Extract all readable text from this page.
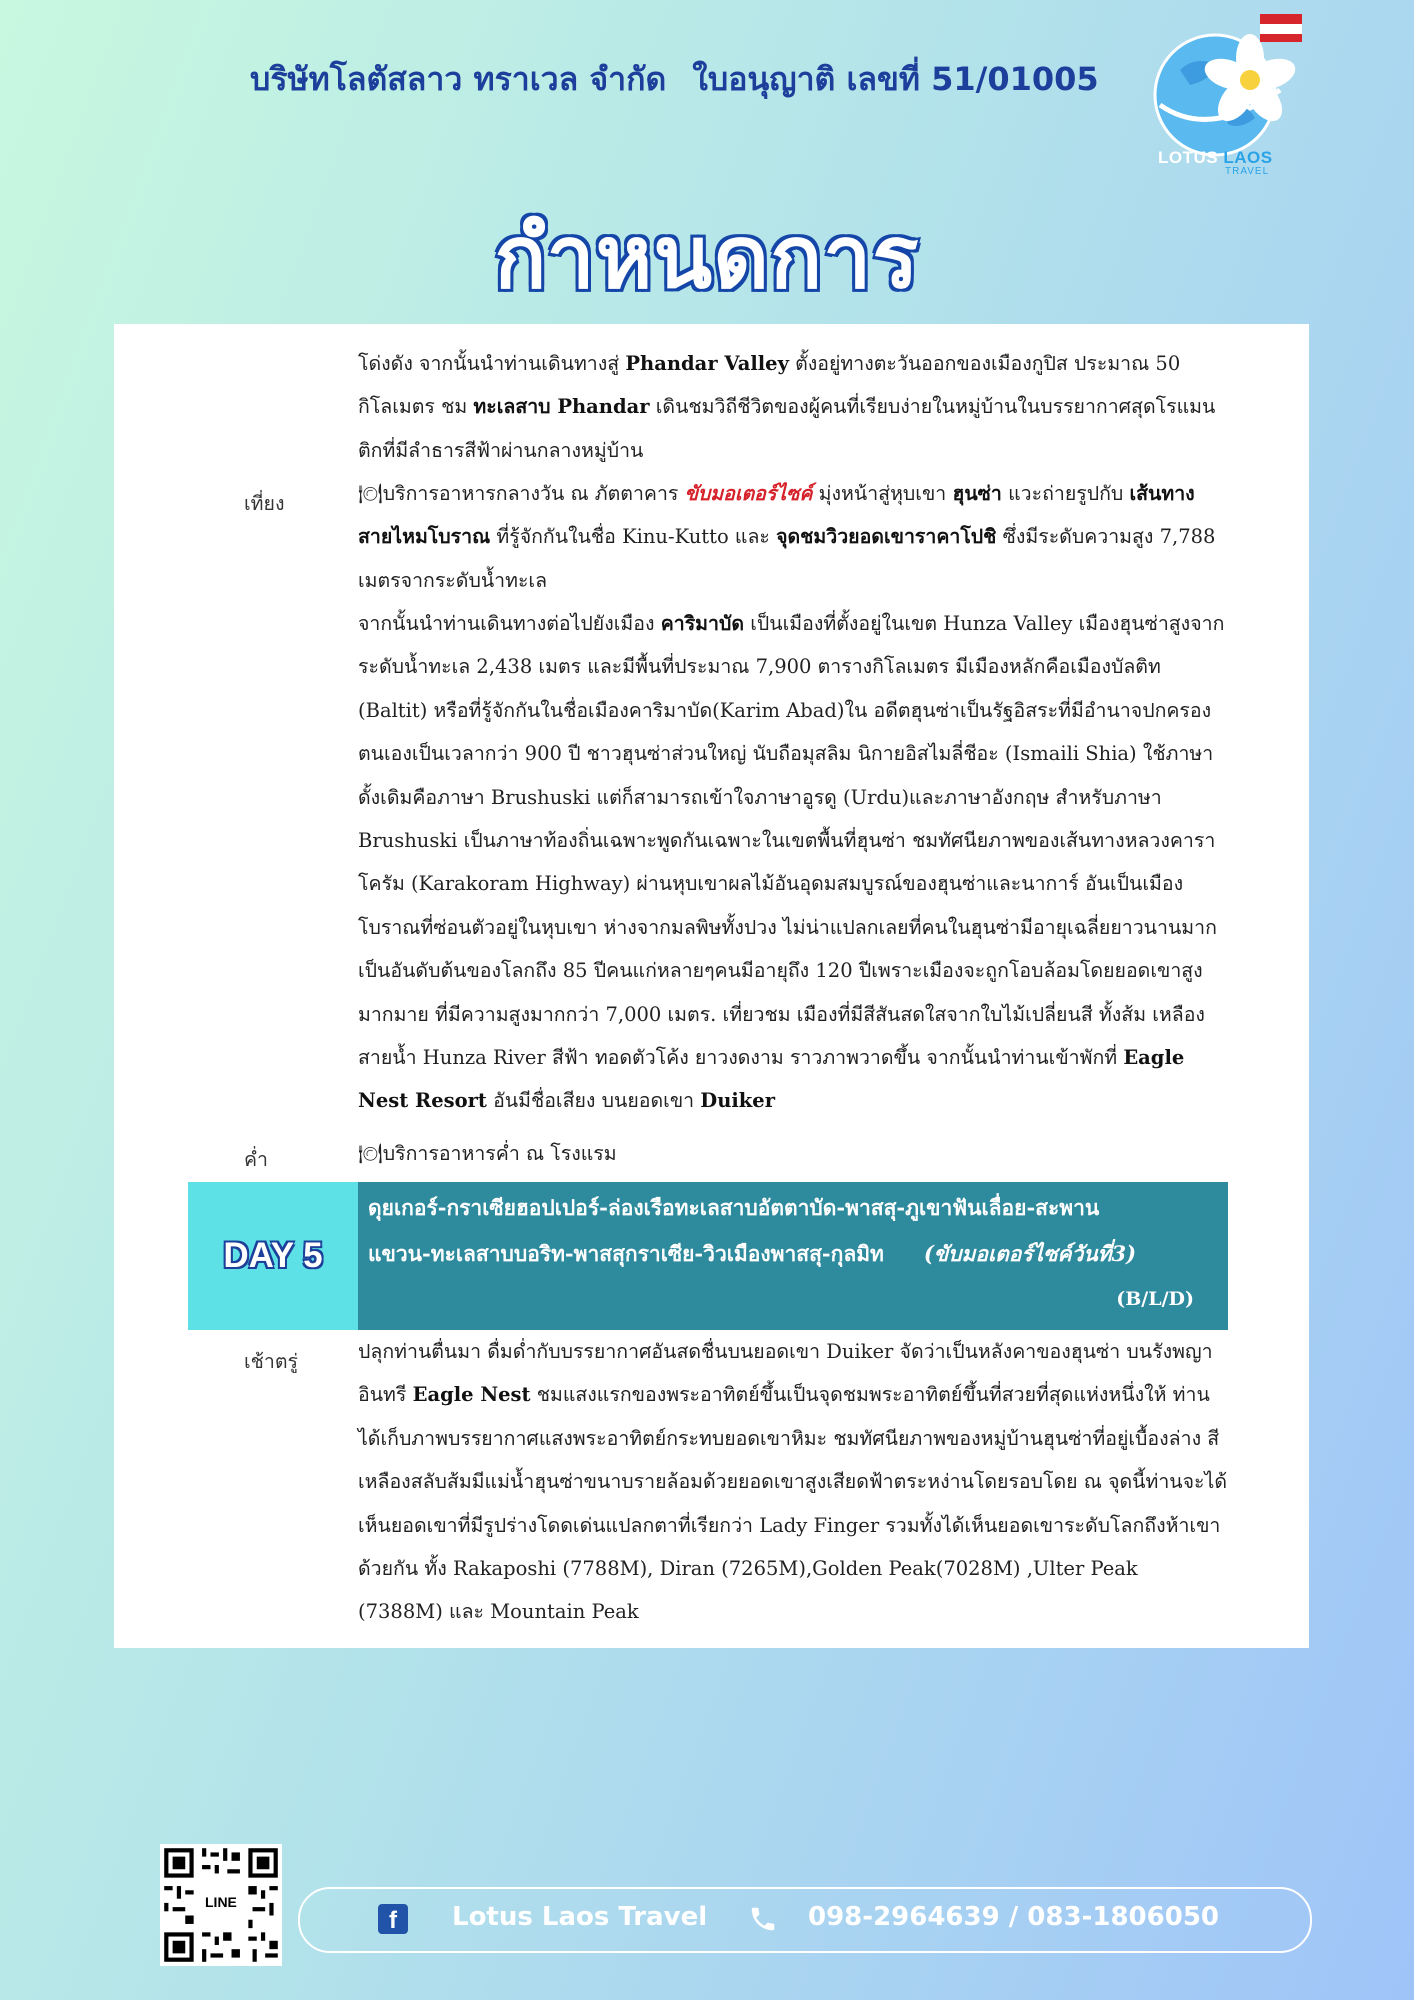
บริษัทโลตัสลาว ทราเวล จำกัด ใบอนุญาติ เลขที่ 51/01005
LOTUS LAOS
TRAVEL
กำหนดการ
โด่งดัง จากนั้นนำท่านเดินทางสู่ Phandar Valley ตั้งอยู่ทางตะวันออกของเมืองกูปิส ประมาณ 50 กิโลเมตร ชม ทะเลสาบ Phandar เดินชมวิถีชีวิตของผู้คนที่เรียบง่ายในหมู่บ้านในบรรยากาศสุดโรแมนติกที่มีลำธารสีฟ้าผ่านกลางหมู่บ้าน
เที่ยง	🍽บริการอาหารกลางวัน ณ ภัตตาคาร ขับมอเตอร์ไซค์ มุ่งหน้าสู่หุบเขา ฮุนซ่า แวะถ่ายรูปกับ เส้นทางสายไหมโบราณ ที่รู้จักกันในชื่อ Kinu-Kutto และ จุดชมวิวยอดเขาราคาโปชิ ซึ่งมีระดับความสูง 7,788 เมตรจากระดับน้ำทะเล
จากนั้นนำท่านเดินทางต่อไปยังเมือง คาริมาบัด เป็นเมืองที่ตั้งอยู่ในเขต Hunza Valley เมืองฮุนซ่าสูงจากระดับน้ำทะเล 2,438 เมตร และมีพื้นที่ประมาณ 7,900 ตารางกิโลเมตร มีเมืองหลักคือเมืองบัลติท (Baltit) หรือที่รู้จักกันในชื่อเมืองคาริมาบัด(Karim Abad)ใน อดีตฮุนซ่าเป็นรัฐอิสระที่มีอำนาจปกครองตนเองเป็นเวลากว่า 900 ปี ชาวฮุนซ่าส่วนใหญ่ นับถือมุสลิม นิกายอิสไมลี่ชีอะ (Ismaili Shia) ใช้ภาษาดั้งเดิมคือภาษา Brushuski แต่ก็สามารถเข้าใจภาษาอูรดู (Urdu)และภาษาอังกฤษ สำหรับภาษา Brushuski เป็นภาษาท้องถิ่นเฉพาะพูดกันเฉพาะในเขตพื้นที่ฮุนซ่า ชมทัศนียภาพของเส้นทางหลวงคาราโครัม (Karakoram Highway) ผ่านหุบเขาผลไม้อันอุดมสมบูรณ์ของฮุนซ่าและนาการ์ อันเป็นเมืองโบราณที่ซ่อนตัวอยู่ในหุบเขา ห่างจากมลพิษทั้งปวง ไม่น่าแปลกเลยที่คนในฮุนซ่ามีอายุเฉลี่ยยาวนานมากเป็นอันดับต้นของโลกถึง 85 ปีคนแก่หลายๆคนมีอายุถึง 120 ปีเพราะเมืองจะถูกโอบล้อมโดยยอดเขาสูงมากมาย ที่มีความสูงมากกว่า 7,000 เมตร. เที่ยวชม เมืองที่มีสีสันสดใสจากใบไม้เปลี่ยนสี ทั้งส้ม เหลือง สายน้ำ Hunza River สีฟ้า ทอดตัวโค้ง ยาวงดงาม ราวภาพวาดขึ้น จากนั้นนำท่านเข้าพักที่ Eagle Nest Resort อันมีชื่อเสียง บนยอดเขา Duiker
ค่ำ	🍽บริการอาหารค่ำ ณ โรงแรม
DAY 5
ดุยเกอร์-กราเซียฮอปเปอร์-ล่องเรือทะเลสาบอัตตาบัด-พาสสุ-ภูเขาฟันเลื่อย-สะพาน
แขวน-ทะเลสาบบอริท-พาสสุกราเซีย-วิวเมืองพาสสุ-กุลมิท (ขับมอเตอร์ไซค์วันที่3)
(B/L/D)
เช้าตรู่	ปลุกท่านตื่นมา ดื่มด่ำกับบรรยากาศอันสดชื่นบนยอดเขา Duiker จัดว่าเป็นหลังคาของฮุนซ่า บนรังพญาอินทรี Eagle Nest ชมแสงแรกของพระอาทิตย์ขึ้นเป็นจุดชมพระอาทิตย์ขึ้นที่สวยที่สุดแห่งหนึ่งให้ ท่านได้เก็บภาพบรรยากาศแสงพระอาทิตย์กระทบยอดเขาหิมะ ชมทัศนียภาพของหมู่บ้านฮุนซ่าที่อยู่เบื้องล่าง สีเหลืองสลับส้มมีแม่น้ำฮุนซ่าขนาบรายล้อมด้วยยอดเขาสูงเสียดฟ้าตระหง่านโดยรอบโดย ณ จุดนี้ท่านจะได้เห็นยอดเขาที่มีรูปร่างโดดเด่นแปลกตาที่เรียกว่า Lady Finger รวมทั้งได้เห็นยอดเขาระดับโลกถึงห้าเขาด้วยกัน ทั้ง Rakaposhi (7788M), Diran (7265M),Golden Peak(7028M) ,Ulter Peak (7388M) และ Mountain Peak
LINE
f	Lotus Laos Travel	098-2964639 / 083-1806050
